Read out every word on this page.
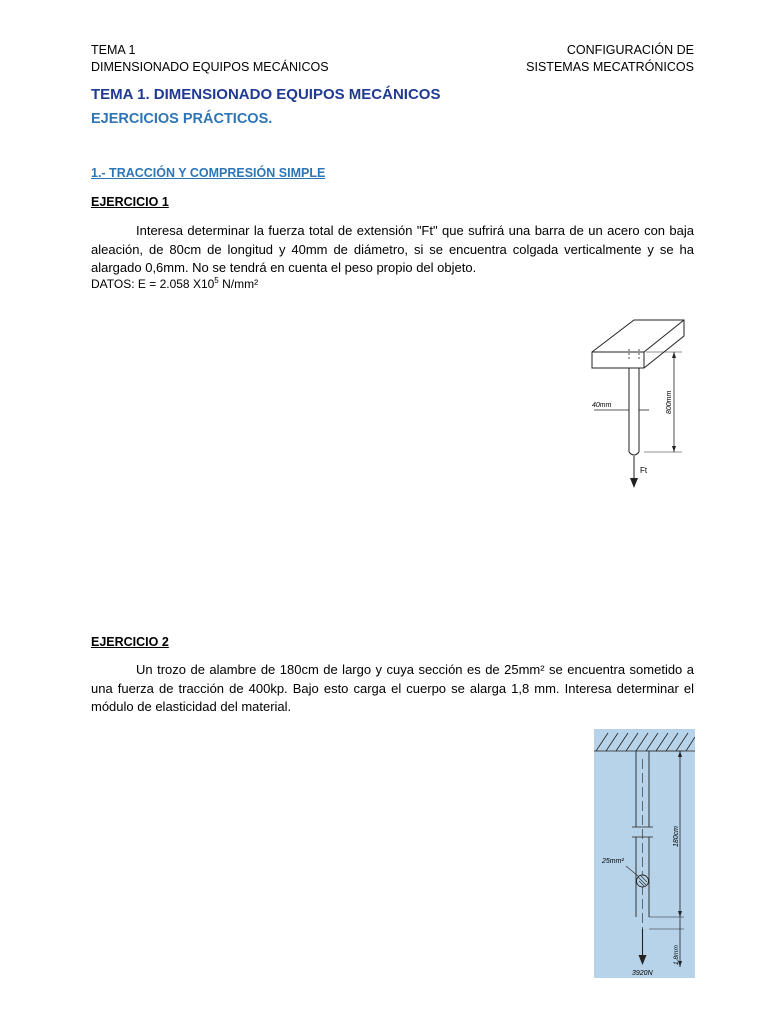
TEMA 1
DIMENSIONADO EQUIPOS MECÁNICOS
CONFIGURACIÓN DE
SISTEMAS MECATRÓNICOS
TEMA 1. DIMENSIONADO EQUIPOS MECÁNICOS
EJERCICIOS PRÁCTICOS.
1.- TRACCIÓN Y COMPRESIÓN SIMPLE
EJERCICIO 1
Interesa determinar la fuerza total de extensión "Ft" que sufrirá una barra de un acero con baja aleación, de 80cm de longitud y 40mm de diámetro, si se encuentra colgada verticalmente y se ha alargado 0,6mm. No se tendrá en cuenta el peso propio del objeto.
DATOS: E = 2.058 $X10^5$ N/mm²
40mm	800mm
Ft
EJERCICIO 2
Un trozo de alambre de 180cm de largo y cuya sección es de 25mm² se encuentra sometido a una fuerza de tracción de 400kp. Bajo esto carga el cuerpo se alarga 1,8 mm. Interesa determinar el módulo de elasticidad del material.
25mm²
180cm
1,8mm
3920N
